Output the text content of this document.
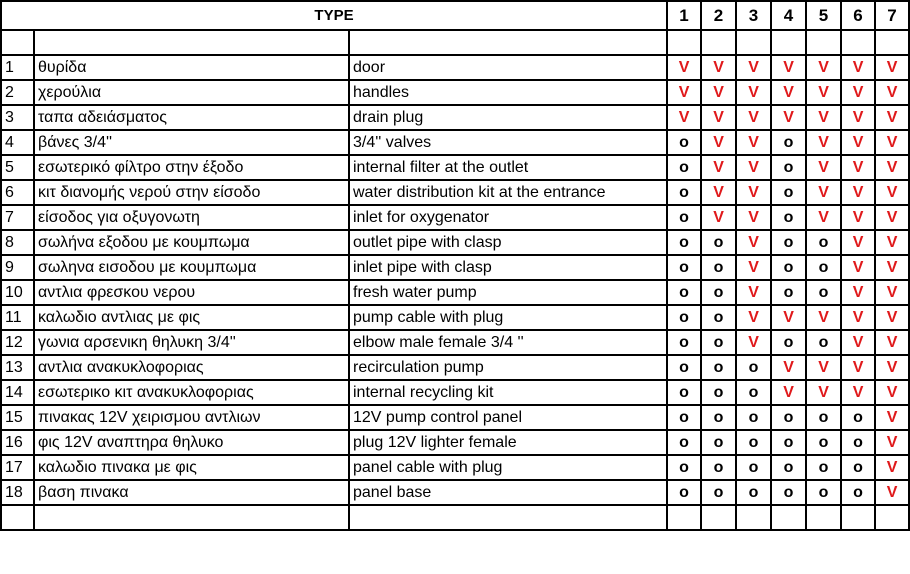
TYPE			1	2	3	4	5	6	7

1	θυρίδα	door	V	V	V	V	V	V	V
2	χερούλια	handles	V	V	V	V	V	V	V
3	ταπα αδειάσματος	drain plug	V	V	V	V	V	V	V
4	βάνες 3/4''	3/4'' valves	o	V	V	o	V	V	V
5	εσωτερικό φίλτρο στην έξοδο	internal filter at the outlet	o	V	V	o	V	V	V
6	κιτ διανομής νερού στην είσοδο	water distribution kit at the entrance	o	V	V	o	V	V	V
7	είσοδος για οξυγονωτη	inlet for oxygenator	o	V	V	o	V	V	V
8	σωλήνα εξοδου με κουμπωμα	outlet pipe with clasp	o	o	V	o	o	V	V
9	σωληνα εισοδου με κουμπωμα	inlet pipe with clasp	o	o	V	o	o	V	V
10	αντλια φρεσκου νερου	fresh water pump	o	o	V	o	o	V	V
11	καλωδιο αντλιας με φις	pump cable with plug	o	o	V	V	V	V	V
12	γωνια αρσενικη θηλυκη 3/4''	elbow male female 3/4 ''	o	o	V	o	o	V	V
13	αντλια ανακυκλοφοριας	recirculation pump	o	o	o	V	V	V	V
14	εσωτερικο κιτ ανακυκλοφοριας	internal recycling kit	o	o	o	V	V	V	V
15	πινακας 12V χειρισμου αντλιων	12V pump control panel	o	o	o	o	o	o	V
16	φις 12V αναπτηρα θηλυκο	plug 12V lighter female	o	o	o	o	o	o	V
17	καλωδιο πινακα με φις	panel cable with plug	o	o	o	o	o	o	V
18	βαση πινακα	panel base	o	o	o	o	o	o	V
